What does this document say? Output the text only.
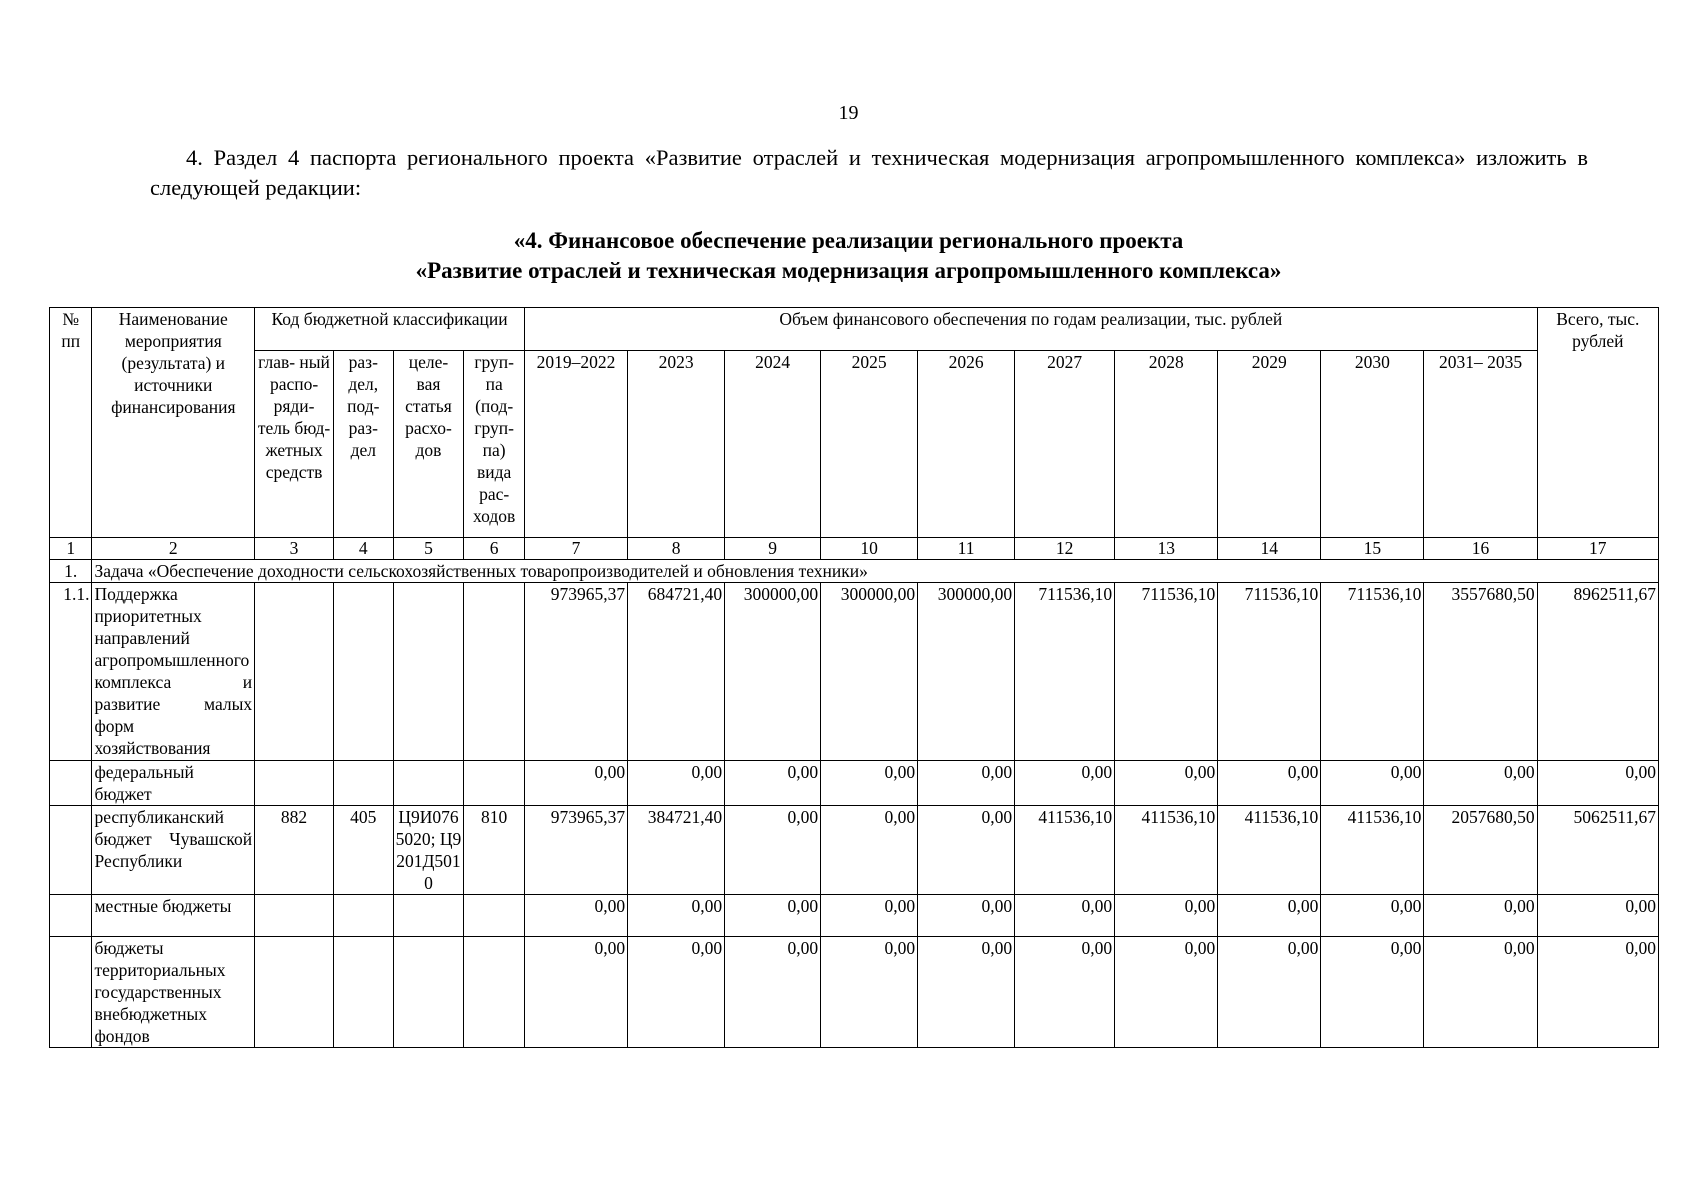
19
4. Раздел 4 паспорта регионального проекта «Развитие отраслей и техническая модернизация агропромышленного комплекса» изложить в следующей редакции:
«4. Финансовое обеспечение реализации регионального проекта
«Развитие отраслей и техническая модернизация агропромышленного комплекса»
№ пп	Наименование мероприятия (результата) и источники финансирования	Код бюджетной классификации				Объем финансового обеспечения по годам реализации, тыс. рублей										Всего, тыс. рублей
		глав- ный распо- ряди- тель бюд- жетных средств	раз- дел, под- раз- дел	целе- вая статья расхо- дов	груп- па (под- груп- па) вида рас- ходов	2019–2022	2023	2024	2025	2026	2027	2028	2029	2030	2031– 2035	
1	2	3	4	5	6	7	8	9	10	11	12	13	14	15	16	17
1.	Задача «Обеспечение доходности сельскохозяйственных товаропроизводителей и обновления техники»															
1.1.	Поддержка приоритетных направлений агропромышленного комплекса и развитие малых форм хозяйствования					973965,37	684721,40	300000,00	300000,00	300000,00	711536,10	711536,10	711536,10	711536,10	3557680,50	8962511,67
	федеральный бюджет					0,00	0,00	0,00	0,00	0,00	0,00	0,00	0,00	0,00	0,00	0,00
	республиканский бюджет Чувашской Республики	882	405	Ц9И0765020; Ц9201Д5010	810	973965,37	384721,40	0,00	0,00	0,00	411536,10	411536,10	411536,10	411536,10	2057680,50	5062511,67
	местные бюджеты					0,00	0,00	0,00	0,00	0,00	0,00	0,00	0,00	0,00	0,00	0,00
	бюджеты территориальных государственных внебюджетных фондов					0,00	0,00	0,00	0,00	0,00	0,00	0,00	0,00	0,00	0,00	0,00
